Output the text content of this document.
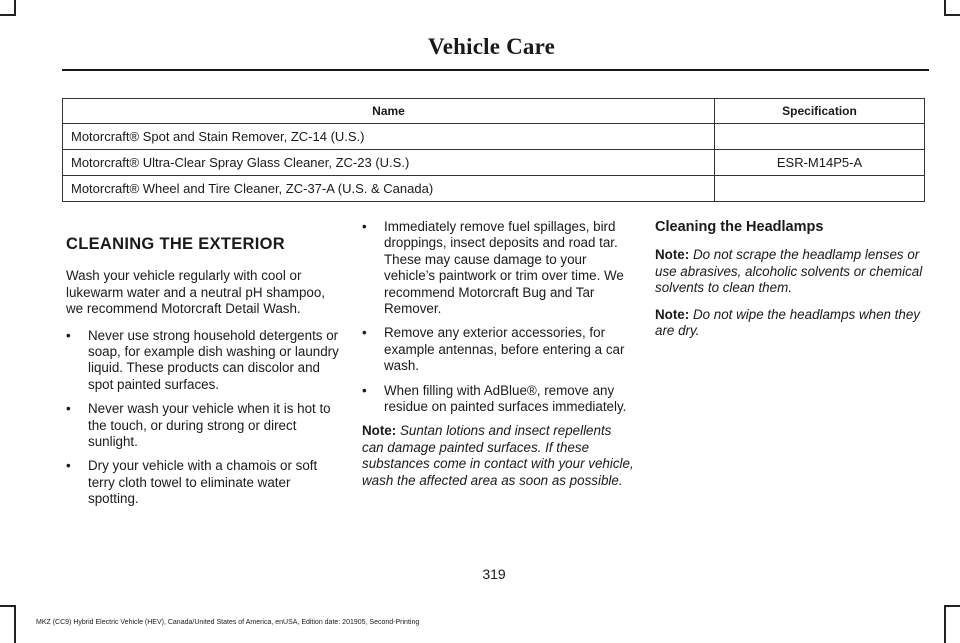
Vehicle Care
Name	Specification
Motorcraft® Spot and Stain Remover, ZC-14 (U.S.)	
Motorcraft® Ultra-Clear Spray Glass Cleaner, ZC-23 (U.S.)	ESR-M14P5-A
Motorcraft® Wheel and Tire Cleaner, ZC-37-A (U.S. & Canada)	
CLEANING THE EXTERIOR

Wash your vehicle regularly with cool or lukewarm water and a neutral pH shampoo, we recommend Motorcraft Detail Wash.

• Never use strong household detergents or soap, for example dish washing or laundry liquid. These products can discolor and spot painted surfaces.
• Never wash your vehicle when it is hot to the touch, or during strong or direct sunlight.
• Dry your vehicle with a chamois or soft terry cloth towel to eliminate water spotting.
• Immediately remove fuel spillages, bird droppings, insect deposits and road tar. These may cause damage to your vehicle’s paintwork or trim over time. We recommend Motorcraft Bug and Tar Remover.
• Remove any exterior accessories, for example antennas, before entering a car wash.
• When filling with AdBlue®, remove any residue on painted surfaces immediately.

Note: Suntan lotions and insect repellents can damage painted surfaces. If these substances come in contact with your vehicle, wash the affected area as soon as possible.

Cleaning the Headlamps

Note: Do not scrape the headlamp lenses or use abrasives, alcoholic solvents or chemical solvents to clean them.

Note: Do not wipe the headlamps when they are dry.

319
MKZ (CC9) Hybrid Electric Vehicle (HEV), Canada/United States of America, enUSA, Edition date: 201905, Second-Printing
